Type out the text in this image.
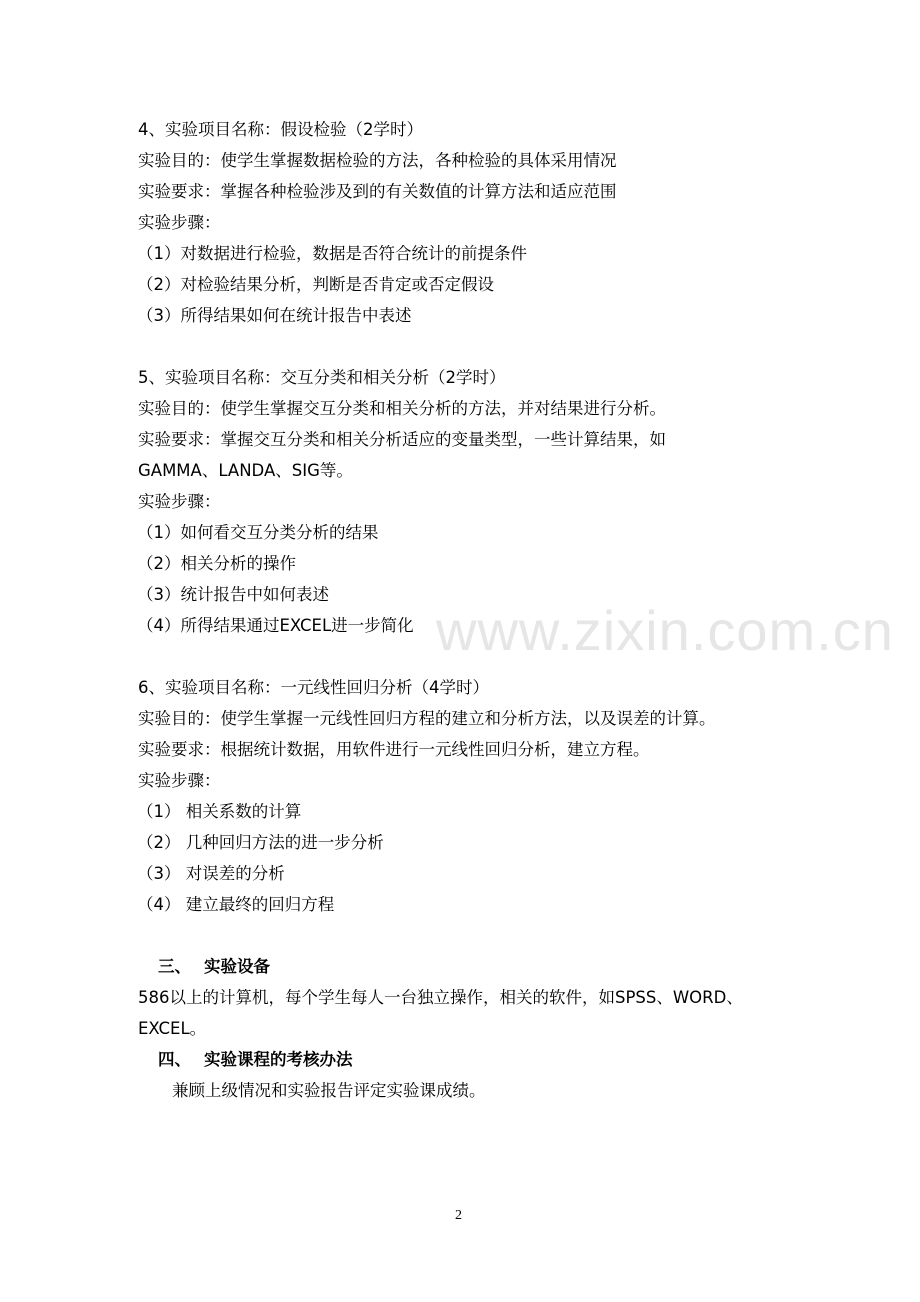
www.zixin.com.cn
4、实验项目名称：假设检验（2学时）
实验目的：使学生掌握数据检验的方法，各种检验的具体采用情况
实验要求：掌握各种检验涉及到的有关数值的计算方法和适应范围
实验步骤：
（1）对数据进行检验，数据是否符合统计的前提条件
（2）对检验结果分析，判断是否肯定或否定假设
（3）所得结果如何在统计报告中表述
5、实验项目名称：交互分类和相关分析（2学时）
实验目的：使学生掌握交互分类和相关分析的方法，并对结果进行分析。
实验要求：掌握交互分类和相关分析适应的变量类型，一些计算结果，如
GAMMA、LANDA、SIG等。
实验步骤：
（1）如何看交互分类分析的结果
（2）相关分析的操作
（3）统计报告中如何表述
（4）所得结果通过EXCEL进一步简化
6、实验项目名称：一元线性回归分析（4学时）
实验目的：使学生掌握一元线性回归方程的建立和分析方法，以及误差的计算。
实验要求：根据统计数据，用软件进行一元线性回归分析，建立方程。
实验步骤：
（1） 相关系数的计算
（2） 几种回归方法的进一步分析
（3） 对误差的分析
（4） 建立最终的回归方程
三、 实验设备
586以上的计算机，每个学生每人一台独立操作，相关的软件，如SPSS、WORD、
EXCEL。
四、 实验课程的考核办法
兼顾上级情况和实验报告评定实验课成绩。
2
